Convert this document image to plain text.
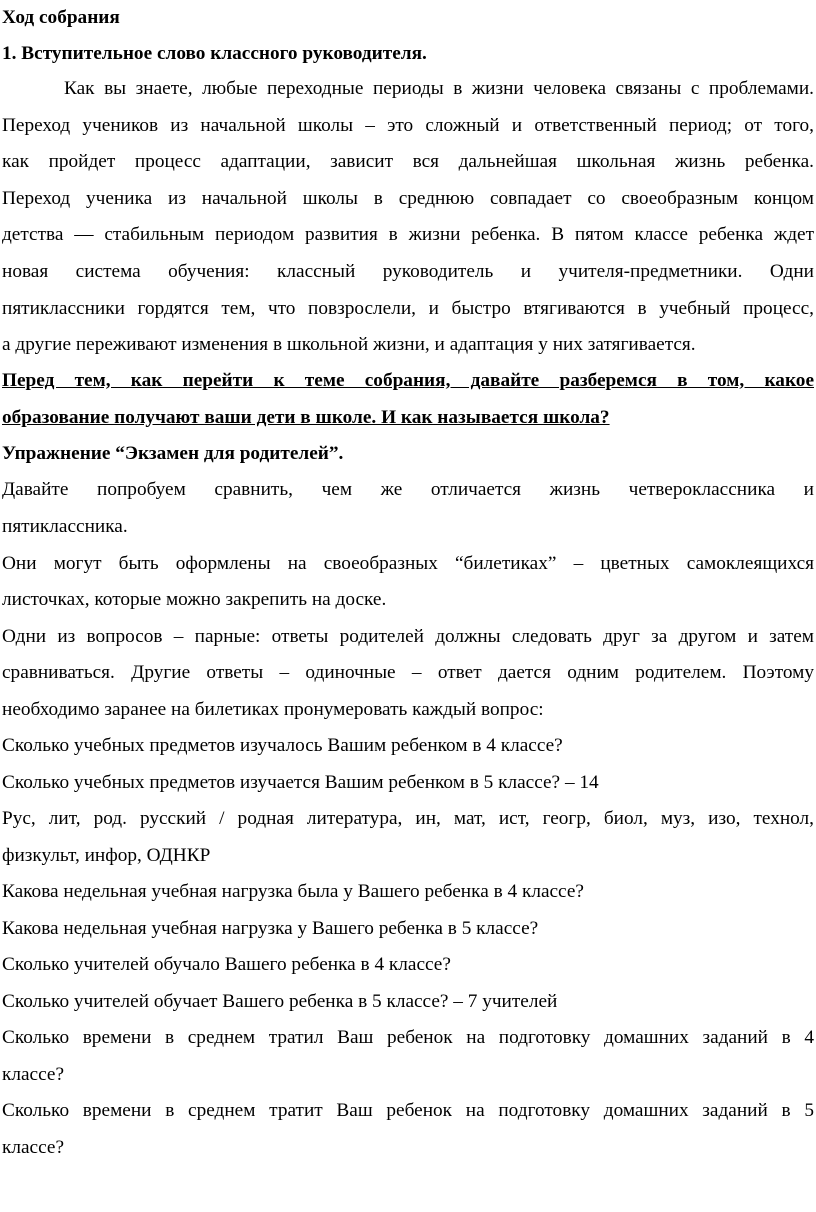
Ход собрания
1. Вступительное слово классного руководителя.
Как вы знаете, любые переходные периоды в жизни человека связаны с проблемами.
Переход учеников из начальной школы – это сложный и ответственный период; от того,
как пройдет процесс адаптации, зависит вся дальнейшая школьная жизнь ребенка.
Переход ученика из начальной школы в среднюю совпадает со своеобразным концом
детства — стабильным периодом развития в жизни ребенка. В пятом классе ребенка ждет
новая система обучения: классный руководитель и учителя-предметники. Одни
пятиклассники гордятся тем, что повзрослели, и быстро втягиваются в учебный процесс,
а другие переживают изменения в школьной жизни, и адаптация у них затягивается.
Перед тем, как перейти к теме собрания, давайте разберемся в том, какое
образование получают ваши дети в школе. И как называется школа?
Упражнение “Экзамен для родителей”.
Давайте попробуем сравнить, чем же отличается жизнь четвероклассника и
пятиклассника.
Они могут быть оформлены на своеобразных “билетиках” – цветных самоклеящихся
листочках, которые можно закрепить на доске.
Одни из вопросов – парные: ответы родителей должны следовать друг за другом и затем
сравниваться. Другие ответы – одиночные – ответ дается одним родителем. Поэтому
необходимо заранее на билетиках пронумеровать каждый вопрос:
Сколько учебных предметов изучалось Вашим ребенком в 4 классе?
Сколько учебных предметов изучается Вашим ребенком в 5 классе? – 14
Рус, лит, род. русский / родная литература, ин, мат, ист, геогр, биол, муз, изо, технол,
физкульт, инфор, ОДНКР
Какова недельная учебная нагрузка была у Вашего ребенка в 4 классе?
Какова недельная учебная нагрузка у Вашего ребенка в 5 классе?
Сколько учителей обучало Вашего ребенка в 4 классе?
Сколько учителей обучает Вашего ребенка в 5 классе? – 7 учителей
Сколько времени в среднем тратил Ваш ребенок на подготовку домашних заданий в 4
классе?
Сколько времени в среднем тратит Ваш ребенок на подготовку домашних заданий в 5
классе?
